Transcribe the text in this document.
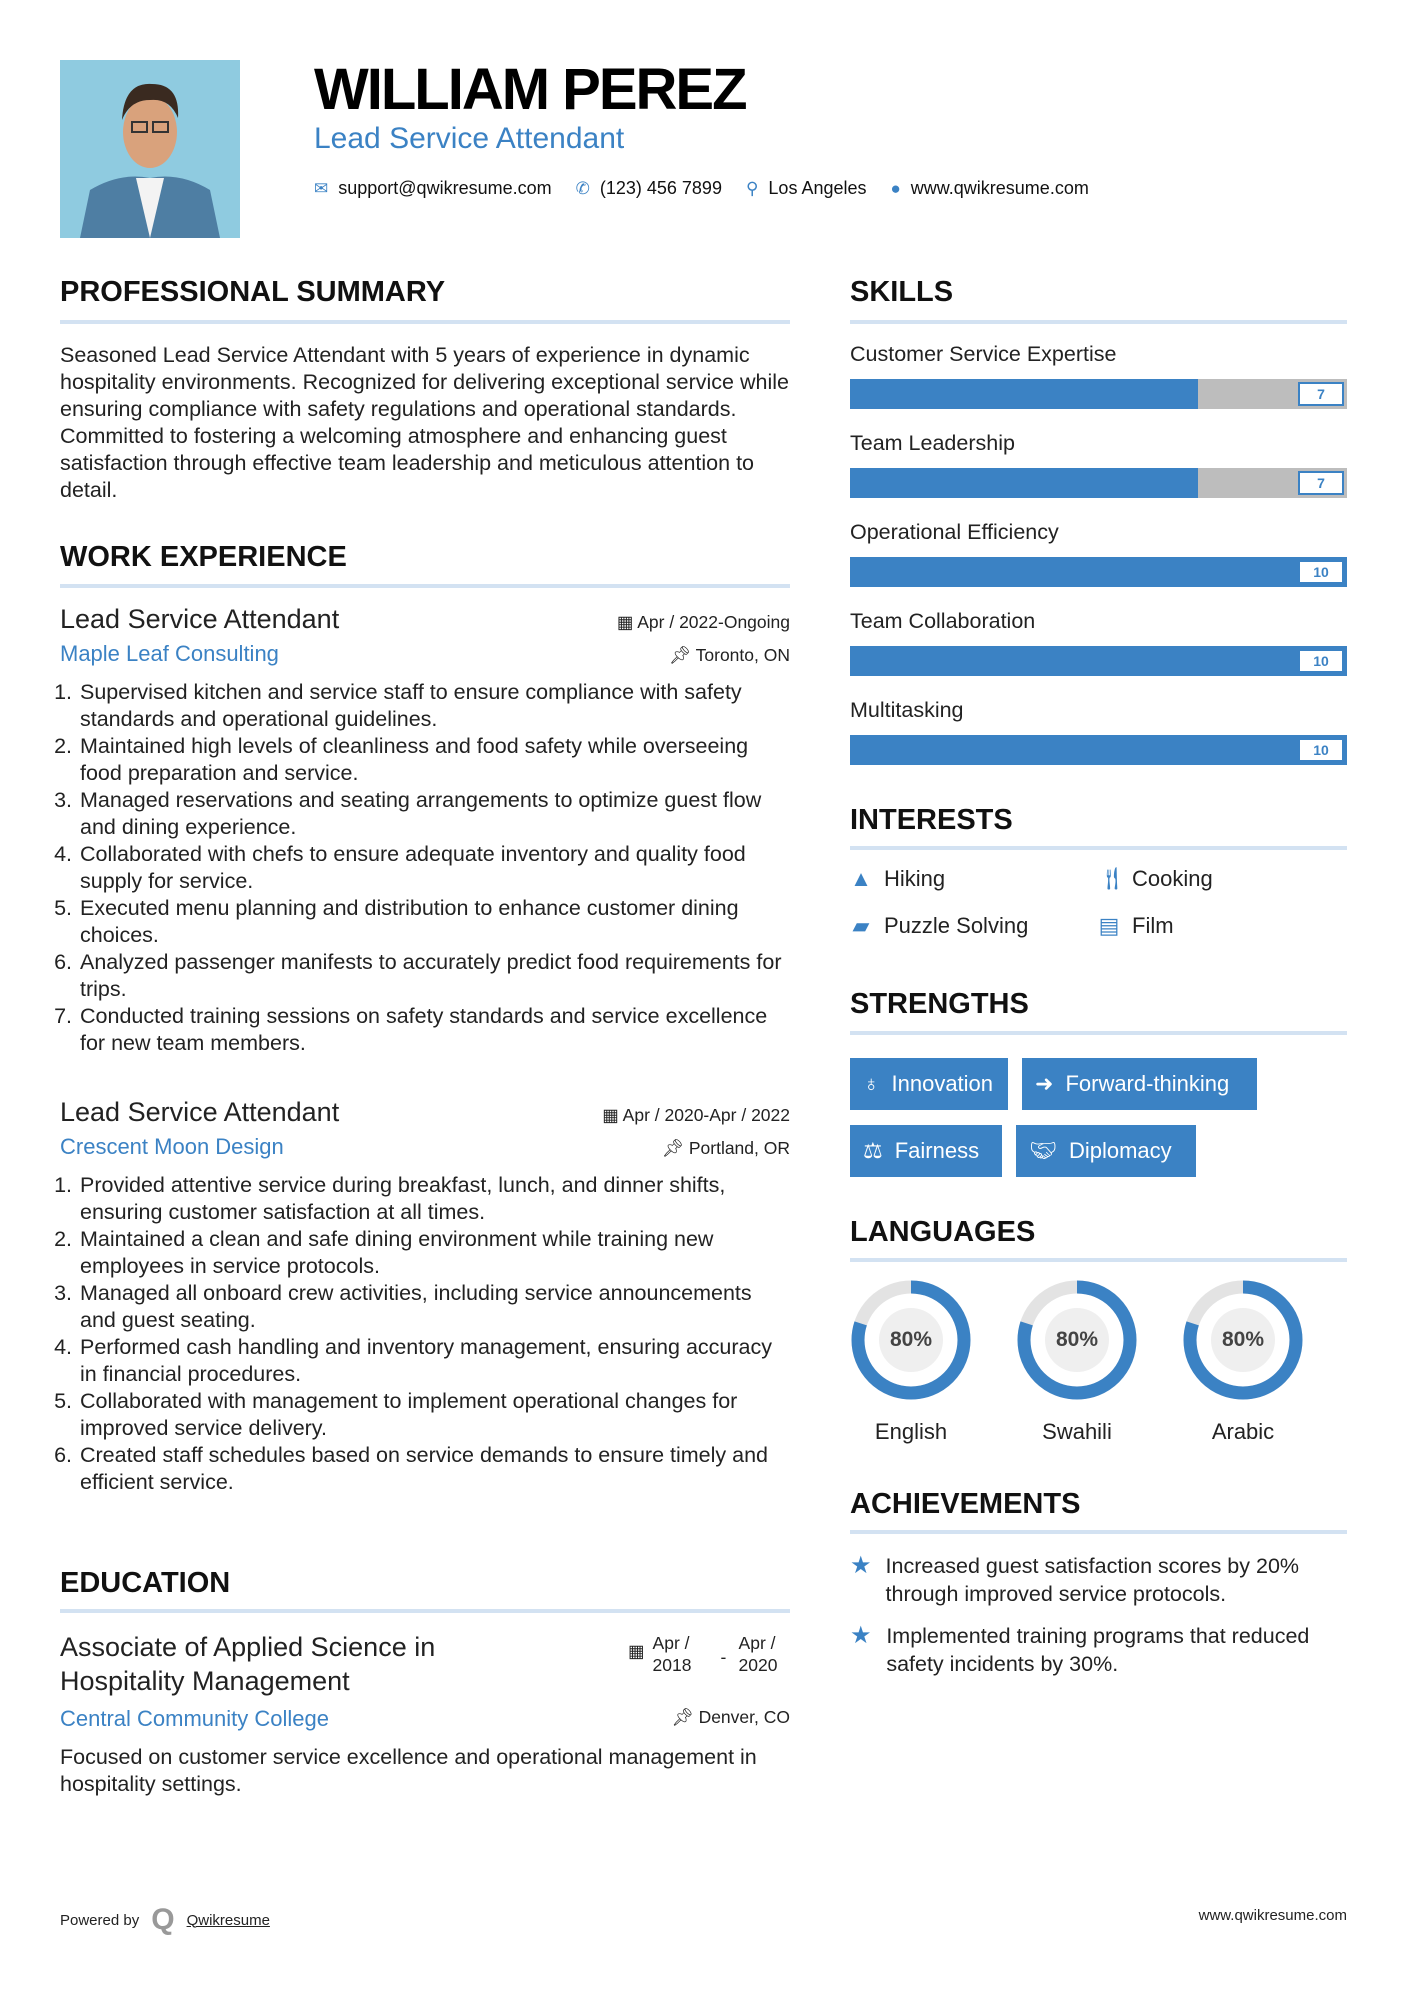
WILLIAM PEREZ
Lead Service Attendant
✉ support@qwikresume.com ✆ (123) 456 7899 ⚲ Los Angeles ● www.qwikresume.com
PROFESSIONAL SUMMARY
Seasoned Lead Service Attendant with 5 years of experience in dynamic hospitality environments. Recognized for delivering exceptional service while ensuring compliance with safety regulations and operational standards. Committed to fostering a welcoming atmosphere and enhancing guest satisfaction through effective team leadership and meticulous attention to detail.
WORK EXPERIENCE
Lead Service Attendant	▦ Apr / 2022-Ongoing
Maple Leaf Consulting	📌︎ Toronto, ON
1. Supervised kitchen and service staff to ensure compliance with safety standards and operational guidelines.
2. Maintained high levels of cleanliness and food safety while overseeing food preparation and service.
3. Managed reservations and seating arrangements to optimize guest flow and dining experience.
4. Collaborated with chefs to ensure adequate inventory and quality food supply for service.
5. Executed menu planning and distribution to enhance customer dining choices.
6. Analyzed passenger manifests to accurately predict food requirements for trips.
7. Conducted training sessions on safety standards and service excellence for new team members.
Lead Service Attendant	▦ Apr / 2020-Apr / 2022
Crescent Moon Design	📌︎ Portland, OR
1. Provided attentive service during breakfast, lunch, and dinner shifts, ensuring customer satisfaction at all times.
2. Maintained a clean and safe dining environment while training new employees in service protocols.
3. Managed all onboard crew activities, including service announcements and guest seating.
4. Performed cash handling and inventory management, ensuring accuracy in financial procedures.
5. Collaborated with management to implement operational changes for improved service delivery.
6. Created staff schedules based on service demands to ensure timely and efficient service.
EDUCATION
Associate of Applied Science in Hospitality Management
▦ Apr / 2018	-
Apr / 2020
Central Community College	📌︎ Denver, CO
Focused on customer service excellence and operational management in hospitality settings.
SKILLS
Customer Service Expertise
7
Team Leadership
7
Operational Efficiency
10
Team Collaboration
10
Multitasking
10
INTERESTS
▲ Hiking	🍴︎ Cooking
▰ Puzzle Solving	▤ Film
STRENGTHS
♁ Innovation ➜ Forward-thinking
⚖ Fairness 🤝︎ Diplomacy
LANGUAGES
80%
English
80%
Swahili
80%
Arabic
ACHIEVEMENTS
★ Increased guest satisfaction scores by 20% through improved service protocols.
★ Implemented training programs that reduced safety incidents by 30%.
Powered by Q Qwikresume	www.qwikresume.com
